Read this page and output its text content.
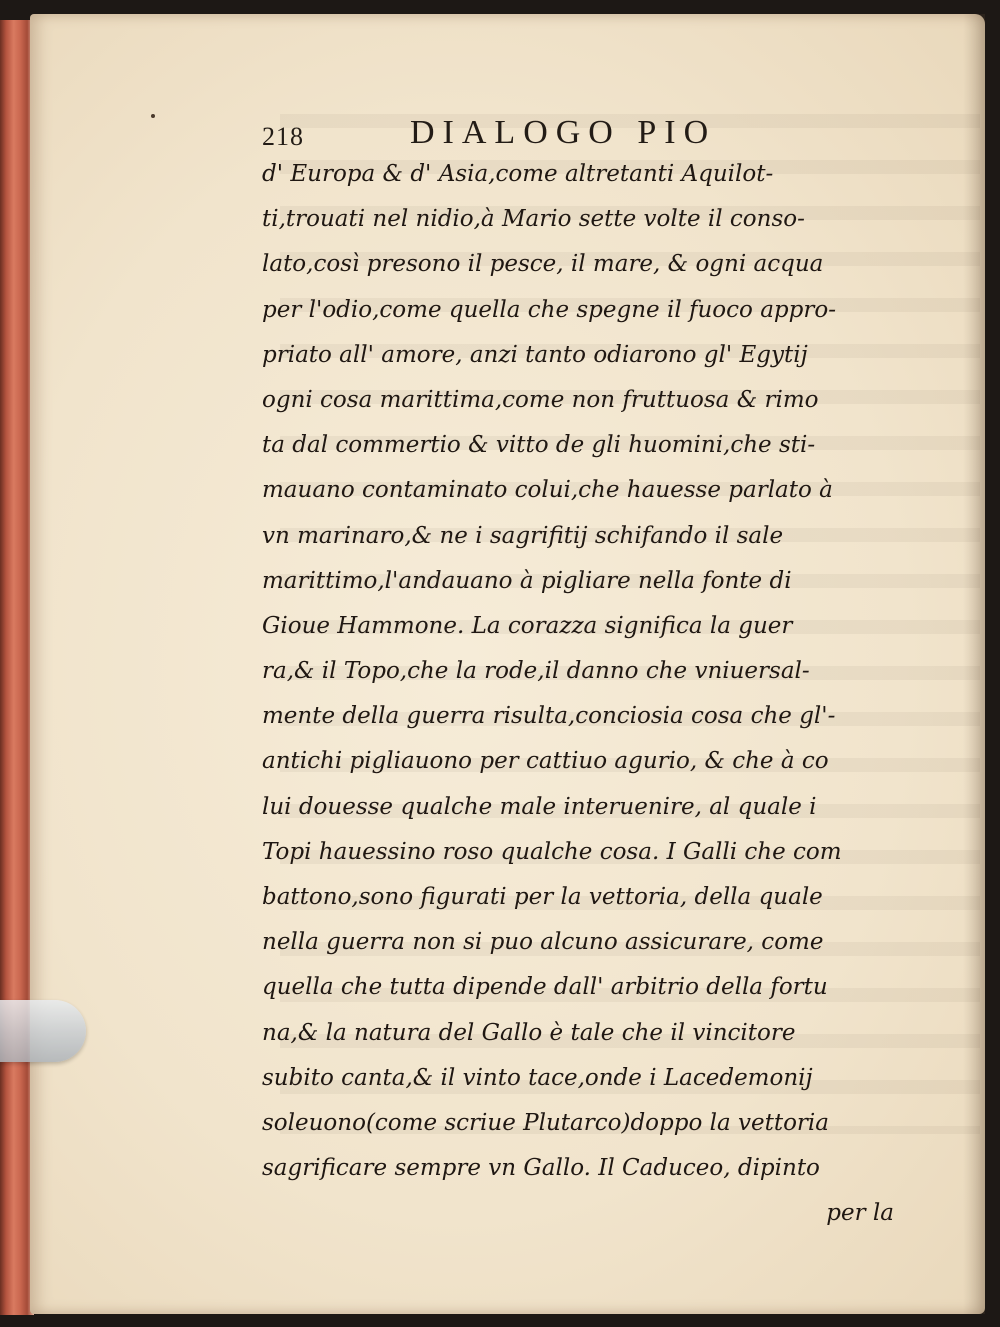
218	DIALOGO PIO
d' Europa & d' Asia,come altretanti Aquilot-
ti,trouati nel nidio,à Mario sette volte il conso-
lato,così presono il pesce, il mare, & ogni acqua
per l'odio,come quella che spegne il fuoco appro-
priato all' amore, anzi tanto odiarono gl' Egytij
ogni cosa marittima,come non fruttuosa & rimo
ta dal commertio & vitto de gli huomini,che sti-
mauano contaminato colui,che hauesse parlato à
vn marinaro,& ne i sagrifitij schifando il sale
marittimo,l'andauano à pigliare nella fonte di
Gioue Hammone. La corazza significa la guer
ra,& il Topo,che la rode,il danno che vniuersal-
mente della guerra risulta,conciosia cosa che gl'-
antichi pigliauono per cattiuo agurio, & che à co
lui douesse qualche male interuenire, al quale i
Topi hauessino roso qualche cosa. I Galli che com
battono,sono figurati per la vettoria, della quale
nella guerra non si puo alcuno assicurare, come
quella che tutta dipende dall' arbitrio della fortu
na,& la natura del Gallo è tale che il vincitore
subito canta,& il vinto tace,onde i Lacedemonij
soleuono(come scriue Plutarco)doppo la vettoria
sagrificare sempre vn Gallo. Il Caduceo, dipinto
per la
